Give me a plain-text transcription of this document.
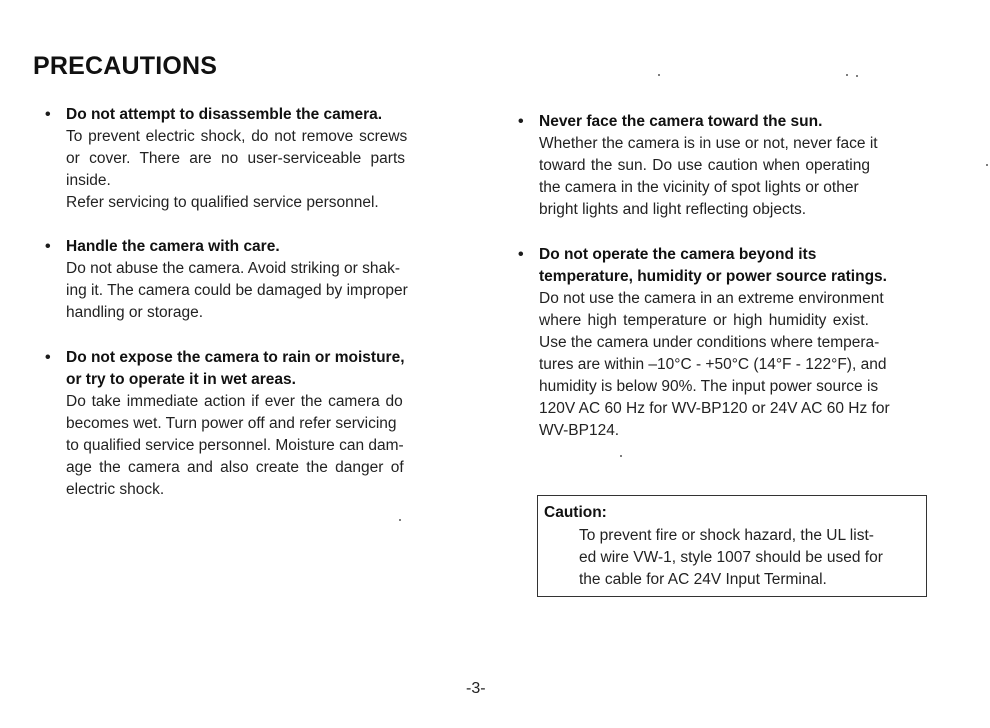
PRECAUTIONS
• Do not attempt to disassemble the camera.
To prevent electric shock, do not remove screws
or cover. There are no user-serviceable parts
inside.
Refer servicing to qualified service personnel.
• Handle the camera with care.
Do not abuse the camera. Avoid striking or shak-
ing it. The camera could be damaged by improper
handling or storage.
• Do not expose the camera to rain or moisture,
or try to operate it in wet areas.
Do take immediate action if ever the camera do
becomes wet. Turn power off and refer servicing
to qualified service personnel. Moisture can dam-
age the camera and also create the danger of
electric shock.
• Never face the camera toward the sun.
Whether the camera is in use or not, never face it
toward the sun. Do use caution when operating
the camera in the vicinity of spot lights or other
bright lights and light reflecting objects.
• Do not operate the camera beyond its
temperature, humidity or power source ratings.
Do not use the camera in an extreme environment
where high temperature or high humidity exist.
Use the camera under conditions where tempera-
tures are within –10°C - +50°C (14°F - 122°F), and
humidity is below 90%. The input power source is
120V AC 60 Hz for WV-BP120 or 24V AC 60 Hz for
WV-BP124.
Caution:
To prevent fire or shock hazard, the UL list-
ed wire VW-1, style 1007 should be used for
the cable for AC 24V Input Terminal.
-3-
